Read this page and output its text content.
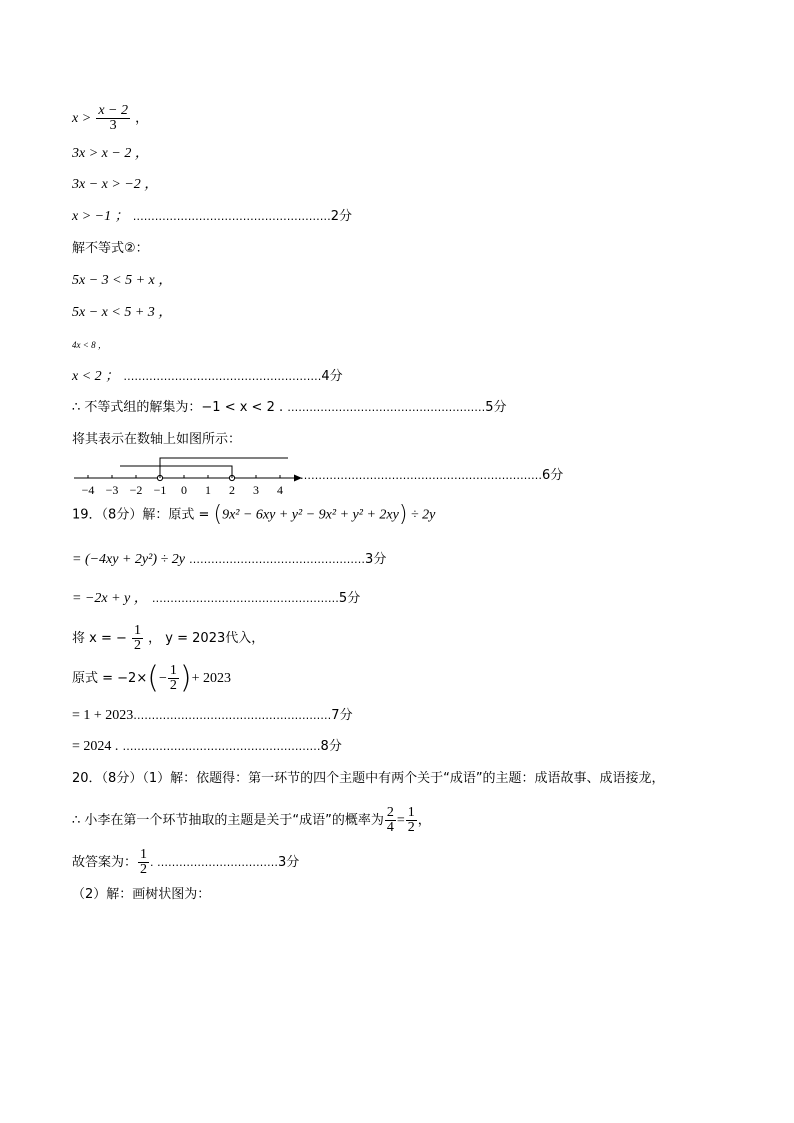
$x > \frac{x - 2}{3}$ ，
3x > x − 2 ，
3x − x > −2 ，
x > −1 ； ………………………………………………2分
解不等式②：
5x − 3 < 5 + x ，
5x − x < 5 + 3 ，
4x < 8 ，
x < 2 ； ………………………………………………4分
∴ 不等式组的解集为：−1 < x < 2 . ………………………………………………5分
将其表示在数轴上如图所示：
−4 −3 −2 −1 0 1 2 3 4
…………………………………………………………6分
19．（8分）解：原式 = (9x² − 6xy + y² − 9x² + y² + 2xy) ÷ 2y
= (−4xy + 2y²) ÷ 2y …………………………………………3分
= −2x + y ， ……………………………………………5分
将 x = − $\frac{1}{2}$ ， y = 2023代入，
原式 = $-2\times(- \frac{1}{2}$ )+ 2023
= 1 + 2023………………………………………………7分
= 2024 . ………………………………………………8分
20．（8分）（1）解：依题得：第一环节的四个主题中有两个关于“成语”的主题：成语故事、成语接龙，
∴ 小李在第一个环节抽取的主题是关于“成语”的概率为 $\frac{2}{4} = \frac{1}{2}$ ，
故答案为： $\frac{1}{2}$ . ……………………………3分
（2）解：画树状图为：
